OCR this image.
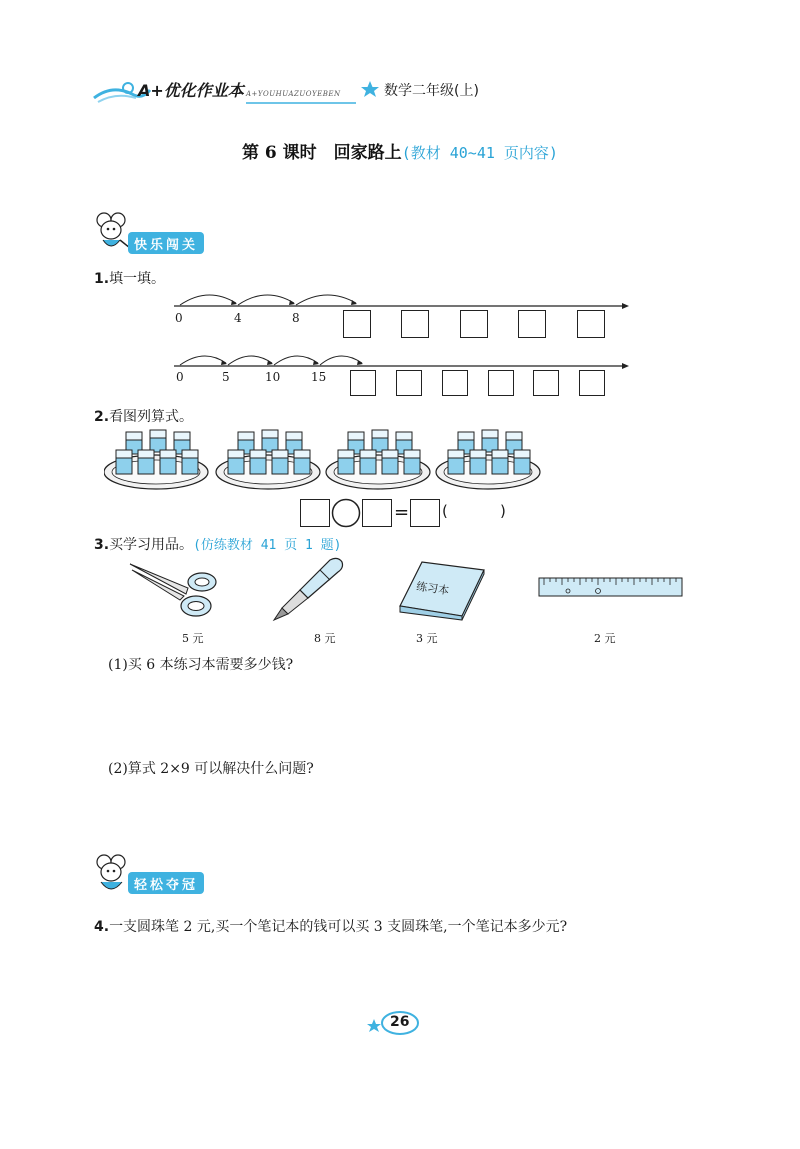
A+优化作业本 A+YOUHUAZUOYEBEN	数学二年级(上)
第 6 课时　回家路上(教材 40~41 页内容)
快乐闯关
1.填一填。
0	4	8
0	5	10	15
2.看图列算式。
= (	)
3.买学习用品。(仿练教材 41 页 1 题)
练习本
5 元	8 元	3 元	2 元
(1)买 6 本练习本需要多少钱?
(2)算式 2×9 可以解决什么问题?
轻松夺冠
4.一支圆珠笔 2 元,买一个笔记本的钱可以买 3 支圆珠笔,一个笔记本多少元?
26
